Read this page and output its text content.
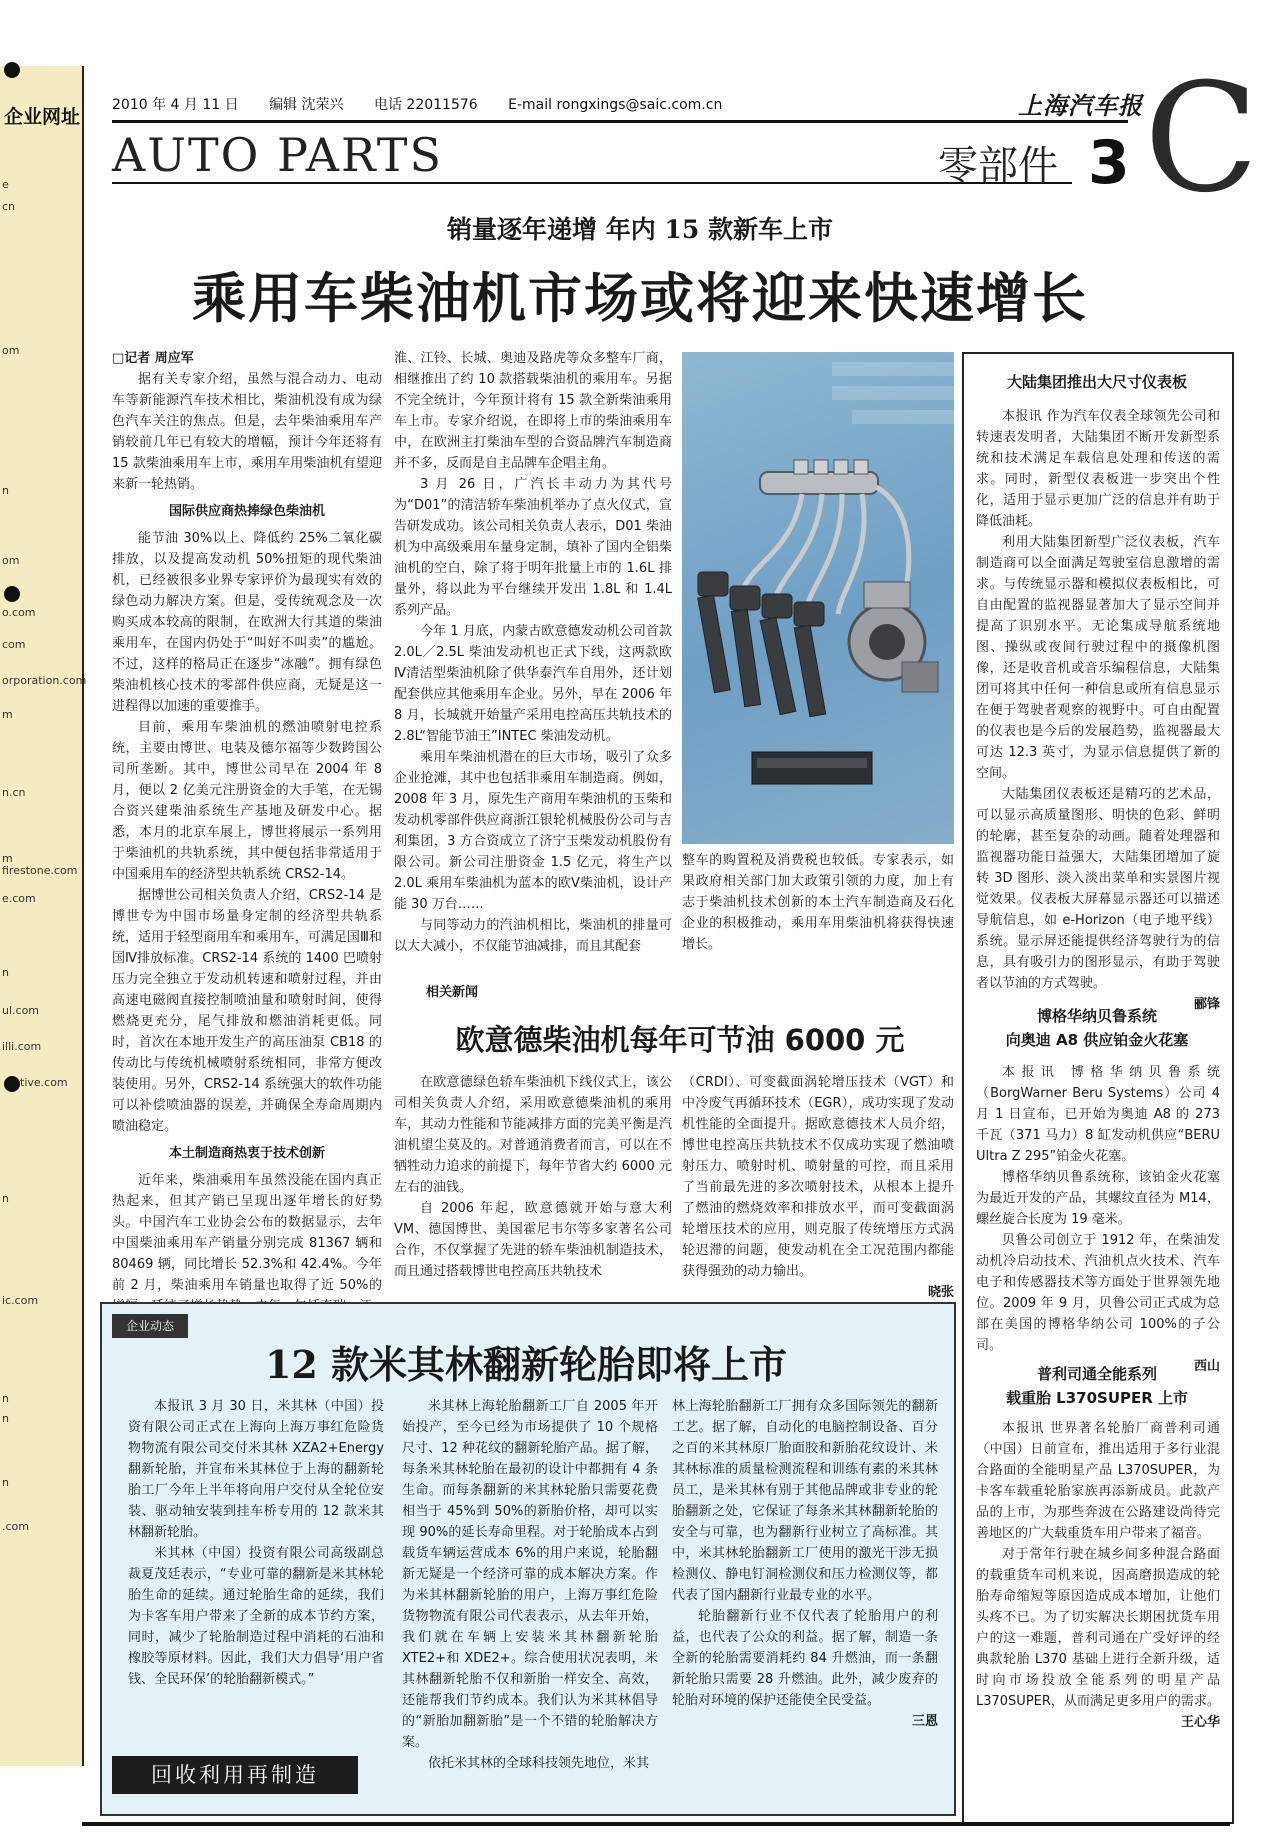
企业网址
e
cn
om
n
om
o.com
com
orporation.com
m
n.cn
m
firestone.com
e.com
n
ul.com
illi.com
tive.com
n
ic.com
n
n
n
.com
2010 年 4 月 11 日 编辑 沈荣兴 电话 22011576 E-mail rongxings@saic.com.cn	上海汽车报
AUTO PARTS	零部件 3 C
销量逐年递增 年内 15 款新车上市
乘用车柴油机市场或将迎来快速增长
□记者 周应军

据有关专家介绍，虽然与混合动力、电动车等新能源汽车技术相比，柴油机没有成为绿色汽车关注的焦点。但是，去年柴油乘用车产销较前几年已有较大的增幅，预计今年还将有 15 款柴油乘用车上市，乘用车用柴油机有望迎来新一轮热销。

国际供应商热捧绿色柴油机

能节油 30%以上、降低约 25%二氧化碳排放，以及提高发动机 50%扭矩的现代柴油机，已经被很多业界专家评价为最现实有效的绿色动力解决方案。但是，受传统观念及一次购买成本较高的限制，在欧洲大行其道的柴油乘用车，在国内仍处于“叫好不叫卖”的尴尬。不过，这样的格局正在逐步“冰融”。拥有绿色柴油机核心技术的零部件供应商，无疑是这一进程得以加速的重要推手。

目前，乘用车柴油机的燃油喷射电控系统，主要由博世、电装及德尔福等少数跨国公司所垄断。其中，博世公司早在 2004 年 8 月，便以 2 亿美元注册资金的大手笔，在无锡合资兴建柴油系统生产基地及研发中心。据悉，本月的北京车展上，博世将展示一系列用于柴油机的共轨系统，其中便包括非常适用于中国乘用车的经济型共轨系统 CRS2-14。

据博世公司相关负责人介绍，CRS2-14 是博世专为中国市场量身定制的经济型共轨系统，适用于轻型商用车和乘用车，可满足国Ⅲ和国Ⅳ排放标准。CRS2-14 系统的 1400 巴喷射压力完全独立于发动机转速和喷射过程，并由高速电磁阀直接控制喷油量和喷射时间，使得燃烧更充分，尾气排放和燃油消耗更低。同时，首次在本地开发生产的高压油泵 CB18 的传动比与传统机械喷射系统相同，非常方便改装使用。另外，CRS2-14 系统强大的软件功能可以补偿喷油器的误差，并确保全寿命周期内喷油稳定。

本土制造商热衷于技术创新

近年来，柴油乘用车虽然没能在国内真正热起来，但其产销已呈现出逐年增长的好势头。中国汽车工业协会公布的数据显示，去年中国柴油乘用车产销量分别完成 81367 辆和 80469 辆，同比增长 52.3%和 42.4%。今年前 2 月，柴油乘用车销量也取得了近 50%的

淮、江铃、长城、奥迪及路虎等众多整车厂商，相继推出了约 10 款搭载柴油机的乘用车。另据不完全统计，今年预计将有 15 款全新柴油乘用车上市。专家介绍说，在即将上市的柴油乘用车中，在欧洲主打柴油车型的合资品牌汽车制造商并不多，反而是自主品牌车企唱主角。

3 月 26 日，广汽长丰动力为其代号为“D01”的清洁轿车柴油机举办了点火仪式，宣告研发成功。该公司相关负责人表示，D01 柴油机为中高级乘用车量身定制，填补了国内全铝柴油机的空白，除了将于明年批量上市的 1.6L 排量外，将以此为平台继续开发出 1.8L 和 1.4L 系列产品。

今年 1 月底，内蒙古欧意德发动机公司首款 2.0L／2.5L 柴油发动机也正式下线，这两款欧Ⅳ清洁型柴油机除了供华泰汽车自用外，还计划配套供应其他乘用车企业。另外，早在 2006 年 8 月，长城就开始量产采用电控高压共轨技术的 2.8L“智能节油王”INTEC 柴油发动机。

乘用车柴油机潜在的巨大市场，吸引了众多企业抢滩，其中也包括非乘用车制造商。例如，2008 年 3 月，原先生产商用车柴油机的玉柴和发动机零部件供应商浙江银轮机械股份公司与吉利集团，3 方合资成立了济宁玉柴发动机股份有限公司。新公司注册资金 1.5 亿元，将生产以 2.0L 乘用车柴油机为蓝本的欧Ⅴ柴油机，设计产能 30 万台……

与同等动力的汽油机相比，柴油机的排量可以大大减小，不仅能节油减排，而且其配套

整车的购置税及消费税也较低。专家表示，如果政府相关部门加大政策引领的力度，加上有志于柴油机技术创新的本土汽车制造商及石化企业的积极推动，乘用车用柴油机将获得快速增长。

相关新闻
欧意德柴油机每年可节油 6000 元

在欧意德绿色轿车柴油机下线仪式上，该公司相关负责人介绍，采用欧意德柴油机的乘用车，其动力性能和节能减排方面的完美平衡是汽油机望尘莫及的。对普通消费者而言，可以在不牺牲动力追求的前提下，每年节省大约 6000 元左右的油钱。

自 2006 年起，欧意德就开始与意大利 VM、德国博世、美国霍尼韦尔等多家著名公司合作，不仅掌握了先进的轿车柴油机制造技术，而且通过搭载博世电控高压共轨技术

（CRDI）、可变截面涡轮增压技术（VGT）和中冷废气再循环技术（EGR），成功实现了发动机性能的全面提升。据欧意德技术人员介绍，博世电控高压共轨技术不仅成功实现了燃油喷射压力、喷射时机、喷射量的可控，而且采用了当前最先进的多次喷射技术，从根本上提升了燃油的燃烧效率和排放水平，而可变截面涡轮增压技术的应用，则克服了传统增压方式涡轮迟滞的问题，使发动机在全工况范围内都能获得强劲的动力输出。

晓张
企业动态
12 款米其林翻新轮胎即将上市

本报讯 3 月 30 日，米其林（中国）投资有限公司正式在上海向上海万事红危险货物物流有限公司交付米其林 XZA2+Energy 翻新轮胎，并宣布米其林位于上海的翻新轮胎工厂今年上半年将向用户交付从全轮位安装、驱动轴安装到挂车桥专用的 12 款米其林翻新轮胎。

米其林（中国）投资有限公司高级副总裁夏茂廷表示，“专业可靠的翻新是米其林轮胎生命的延续。通过轮胎生命的延续，我们为卡客车用户带来了全新的成本节约方案，同时，减少了轮胎制造过程中消耗的石油和橡胶等原材料。因此，我们大力倡导‘用户省钱、全民环保’的轮胎翻新模式。”

米其林上海轮胎翻新工厂自 2005 年开始投产，至今已经为市场提供了 10 个规格尺寸、12 种花纹的翻新轮胎产品。据了解，每条米其林轮胎在最初的设计中都拥有 4 条生命。而每条翻新的米其林轮胎只需要花费相当于 45%到 50%的新胎价格，却可以实现 90%的延长寿命里程。对于轮胎成本占到载货车辆运营成本 6%的用户来说，轮胎翻新无疑是一个经济可靠的成本解决方案。作为米其林翻新轮胎的用户，上海万事红危险货物物流有限公司代表表示，从去年开始，我们就在车辆上安装米其林翻新轮胎 XTE2+和 XDE2+。综合使用状况表明，米其林翻新轮胎不仅和新胎一样安全、高效，还能帮我们节约成本。我们认为米其林倡导的“新胎加翻新胎”是一个不错的轮胎解决方案。

依托米其林的全球科技领先地位，米其

林上海轮胎翻新工厂拥有众多国际领先的翻新工艺。据了解，自动化的电脑控制设备、百分之百的米其林原厂胎面胶和新胎花纹设计、米其林标准的质量检测流程和训练有素的米其林员工，是米其林有别于其他品牌或非专业的轮胎翻新之处，它保证了每条米其林翻新轮胎的安全与可靠，也为翻新行业树立了高标准。其中，米其林轮胎翻新工厂使用的激光干涉无损检测仪、静电钉洞检测仪和压力检测仪等，都代表了国内翻新行业最专业的水平。

轮胎翻新行业不仅代表了轮胎用户的利益，也代表了公众的利益。据了解，制造一条全新的轮胎需要消耗约 84 升燃油，而一条翻新轮胎只需要 28 升燃油。此外，减少废弃的轮胎对环境的保护还能使全民受益。

三恩
回收利用再制造
大陆集团推出大尺寸仪表板

本报讯 作为汽车仪表全球领先公司和转速表发明者，大陆集团不断开发新型系统和技术满足车载信息处理和传送的需求。同时，新型仪表板进一步突出个性化，适用于显示更加广泛的信息并有助于降低油耗。

利用大陆集团新型广泛仪表板，汽车制造商可以全面满足驾驶室信息激增的需求。与传统显示器和模拟仪表板相比，可自由配置的监视器显著加大了显示空间并提高了识别水平。无论集成导航系统地图、操纵或夜间行驶过程中的摄像机图像，还是收音机或音乐编程信息，大陆集团可将其中任何一种信息或所有信息显示在便于驾驶者观察的视野中。可自由配置的仪表也是今后的发展趋势，监视器最大可达 12.3 英寸，为显示信息提供了新的空间。

大陆集团仪表板还是精巧的艺术品，可以显示高质量图形、明快的色彩、鲜明的轮廓，甚至复杂的动画。随着处理器和监视器功能日益强大，大陆集团增加了旋转 3D 图形、淡入淡出菜单和实景图片视觉效果。仪表板大屏幕显示器还可以描述导航信息，如 e-Horizon（电子地平线）系统。显示屏还能提供经济驾驶行为的信息，具有吸引力的图形显示，有助于驾驶者以节油的方式驾驶。

郦锋
博格华纳贝鲁系统
向奥迪 A8 供应铂金火花塞

本报讯 博格华纳贝鲁系统（BorgWarner Beru Systems）公司 4 月 1 日宣布，已开始为奥迪 A8 的 273 千瓦（371 马力）8 缸发动机供应“BERU Ultra Z 295”铂金火花塞。

博格华纳贝鲁系统称，该铂金火花塞为最近开发的产品，其螺纹直径为 M14，螺丝旋合长度为 19 毫米。

贝鲁公司创立于 1912 年，在柴油发动机冷启动技术、汽油机点火技术、汽车电子和传感器技术等方面处于世界领先地位。2009 年 9 月，贝鲁公司正式成为总部在美国的博格华纳公司 100%的子公司。

西山
普利司通全能系列
载重胎 L370SUPER 上市

本报讯 世界著名轮胎厂商普利司通（中国）日前宣布，推出适用于多行业混合路面的全能明星产品 L370SUPER，为卡客车载重轮胎家族再添新成员。此款产品的上市，为那些奔波在公路建设尚待完善地区的广大载重货车用户带来了福音。

对于常年行驶在城乡间多种混合路面的载重货车司机来说，因高磨损造成的轮胎寿命缩短等原因造成成本增加，让他们头疼不已。为了切实解决长期困扰货车用户的这一难题，普利司通在广受好评的经典款轮胎 L370 基础上进行全新升级，适时向市场投放全能系列的明星产品 L370SUPER，从而满足更多用户的需求。

王心华
